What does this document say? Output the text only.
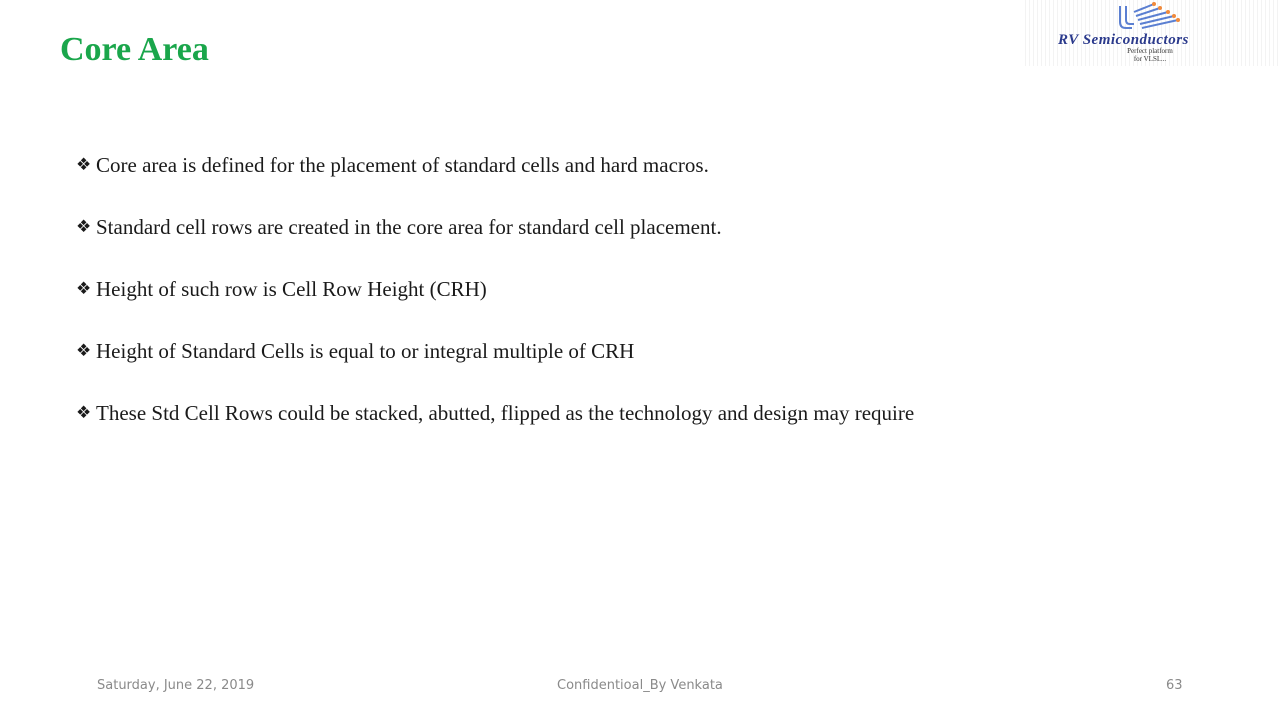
Core Area	RV Semiconductors
Perfect platform
for VLSI....
❖ Core area is defined for the placement of standard cells and hard macros.
❖ Standard cell rows are created in the core area for standard cell placement.
❖ Height of such row is Cell Row Height (CRH)
❖ Height of Standard Cells is equal to or integral multiple of CRH
❖ These Std Cell Rows could be stacked, abutted, flipped as the technology and design may require
Saturday, June 22, 2019	Confidentioal_By Venkata	63
